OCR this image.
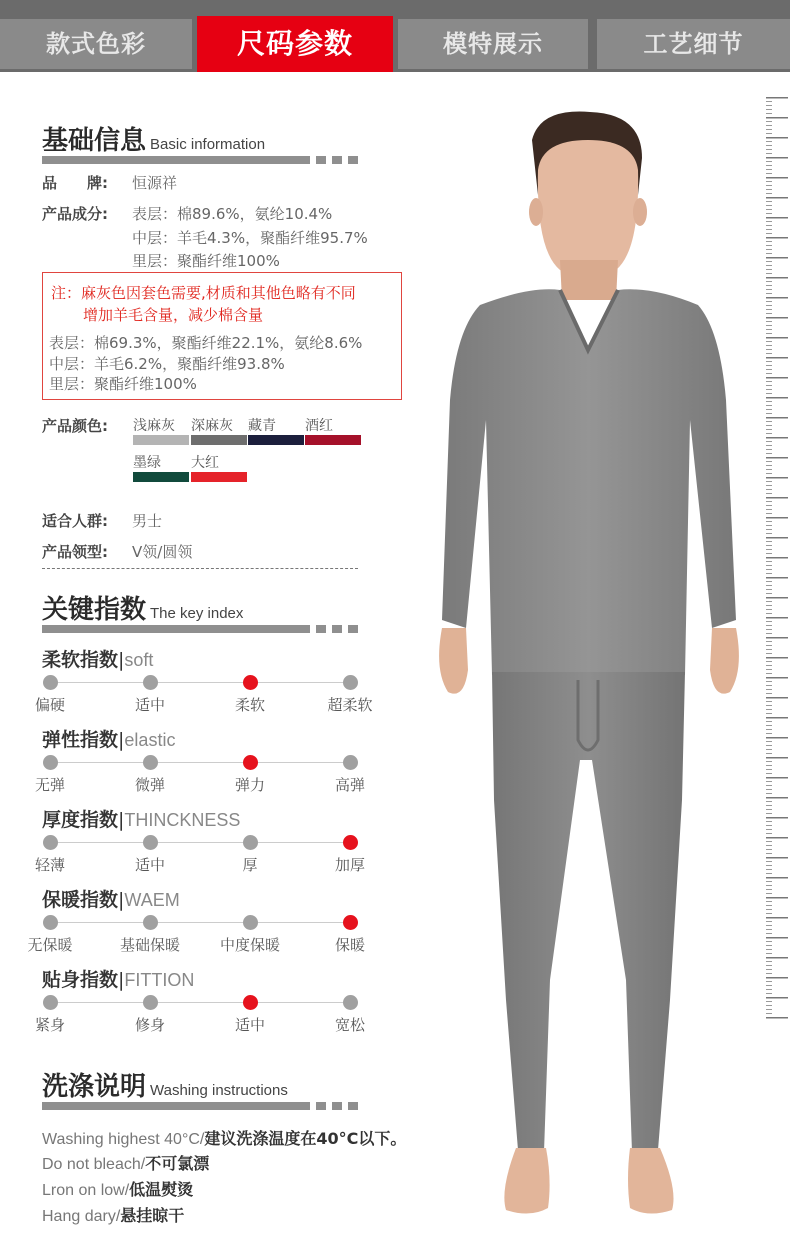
款式色彩	尺码参数	模特展示	工艺细节
基础信息 Basic information
品　　牌: 恒源祥
产品成分: 表层：棉89.6%，氨纶10.4%
中层：羊毛4.3%，聚酯纤维95.7%
里层：聚酯纤维100%
注：麻灰色因套色需要,材质和其他色略有不同
增加羊毛含量，减少棉含量
表层：棉69.3%，聚酯纤维22.1%，氨纶8.6%
中层：羊毛6.2%，聚酯纤维93.8%
里层：聚酯纤维100%
产品颜色: 浅麻灰 深麻灰 藏青 酒红
墨绿 大红
适合人群: 男士
产品领型: V领/圆领
关键指数 The key index
柔软指数|soft
偏硬	适中	柔软	超柔软
弹性指数|elastic
无弹	微弹	弹力	高弹
厚度指数|THINCKNESS
轻薄	适中	厚	加厚
保暖指数|WAEM
无保暖	基础保暖	中度保暖	保暖
贴身指数|FITTION
紧身	修身	适中	宽松
洗涤说明 Washing instructions
Washing highest 40°C/建议洗涤温度在40°C以下。
Do not bleach/不可氯漂
Lron on low/低温熨烫
Hang dary/悬挂晾干
